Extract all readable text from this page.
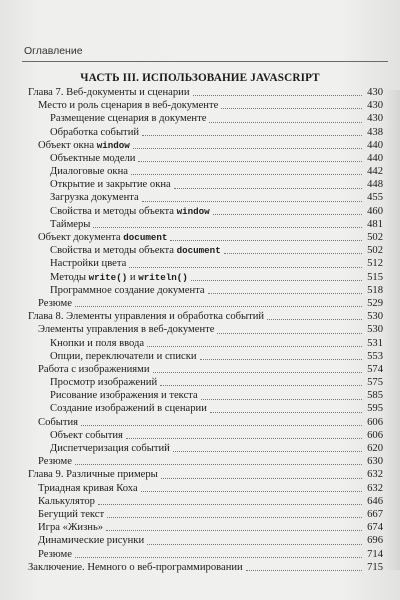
Оглавление
ЧАСТЬ III. ИСПОЛЬЗОВАНИЕ JAVASCRIPT
Глава 7. Веб-документы и сценарии	430
Место и роль сценария в веб-документе	430
Размещение сценария в документе	430
Обработка событий	438
Объект окна window	440
Объектные модели	440
Диалоговые окна	442
Открытие и закрытие окна	448
Загрузка документа	455
Свойства и методы объекта window	460
Таймеры	481
Объект документа document	502
Свойства и методы объекта document	502
Настройки цвета	512
Методы write() и writeln()	515
Программное создание документа	518
Резюме	529
Глава 8. Элементы управления и обработка событий	530
Элементы управления в веб-документе	530
Кнопки и поля ввода	531
Опции, переключатели и списки	553
Работа с изображениями	574
Просмотр изображений	575
Рисование изображения и текста	585
Создание изображений в сценарии	595
События	606
Объект события	606
Диспетчеризация событий	620
Резюме	630
Глава 9. Различные примеры	632
Триадная кривая Коха	632
Калькулятор	646
Бегущий текст	667
Игра «Жизнь»	674
Динамические рисунки	696
Резюме	714
Заключение. Немного о веб-программировании	715
